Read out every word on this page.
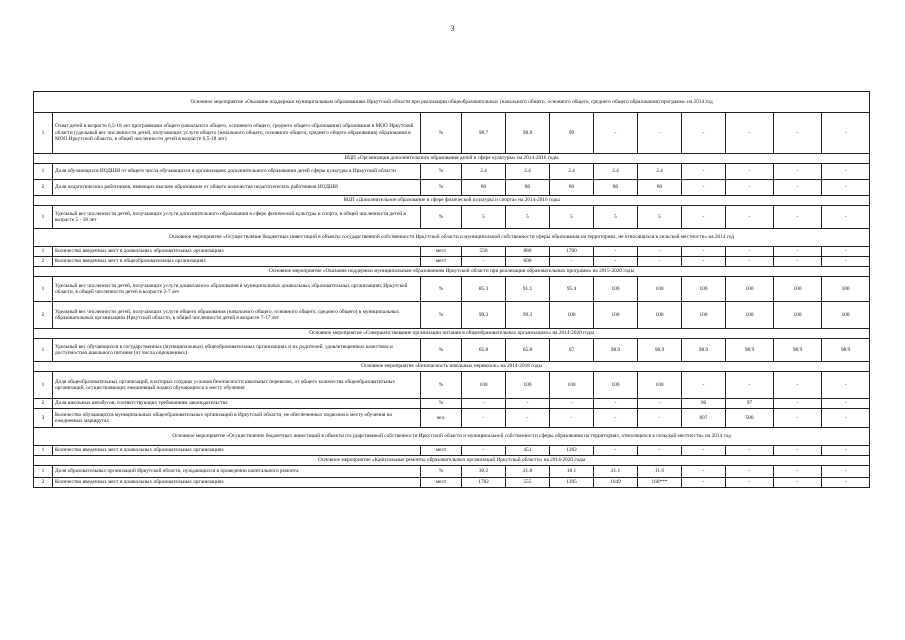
3
Основное мероприятие «Оказание поддержки муниципальным образованиям Иркутской области при реализации общеобразовательных (начального общего, основного общего, среднего общего образования) программ» на 2014 год											
1	Охват детей в возрасте 6,5-18 лет программами общего (начального общего, основного общего, среднего общего образования) образования в МОО Иркутской области (удельный вес численности детей, получающих услуги общего (начального общего, основного общего, среднего общего образования) образования в МОО Иркутской области, в общей численности детей в возрасте 6,5-18 лет)	%	98.7	98.8	99	-	-	-	-	-	-
ВЦП «Организация дополнительного образования детей в сфере культуры» на 2014-2016 годы											
1	Доля обучающихся ИОДШИ от общего числа обучающихся в организациях дополнительного образования детей сферы культуры в Иркутской области	%	2.4	2.4	2.4	2.4	2.4	-	-	-	-
2	Доля педагогических работников, имеющих высшее образование от общего количества педагогических работников ИОДШИ	%	80	80	80	80	80	-	-	-	-
ВЦП «Дополнительное образование в сфере физической культуры и спорта» на 2014-2016 годы											
1	Удельный вес численности детей, получающих услуги дополнительного образования в сфере физической культуры и спорта, в общей численности детей в возрасте 5 - 18 лет	%	5	5	5	5	5	-	-	-	-
Основное мероприятие «Осуществление бюджетных инвестиций в объекты государственной собственности Иркутской области и муниципальной собственности сферы образования на территориях, не относящихся к сельской местности» на 2014 год											
1	Количество введенных мест в дошкольных образовательных организациях	мест	550	880	1700	-	-	-	-	-	-
2	Количество введенных мест в общеобразовательных организациях	мест	-	600	-	-	-	-	-	-	-
Основное мероприятие «Оказание поддержки муниципальным образованиям Иркутской области при реализации образовательных программ» на 2015-2020 годы											
1	Удельный вес численности детей, получающих услуги дошкольного образования в муниципальных дошкольных образовательных организациях Иркутской области, в общей численности детей в возрасте 2-7 лет	%	85.3	91.1	95.4	100	100	100	100	100	100
2	Удельный вес численности детей, получающих услуги общего образования (начального общего, основного общего, среднего общего) в муниципальных образовательных организациях Иркутской области, в общей численности детей в возрасте 7-17 лет	%	99.3	99.3	100	100	100	100	100	100	100
Основное мероприятие «Совершенствование организации питания в общеобразовательных организациях» на 2014-2020 годы											
1	Удельный вес обучающихся в государственных (муниципальных) общеобразовательных организациях и их родителей, удовлетворенных качеством и доступностью школьного питания (от числа опрошенных)	%	65.8	65.8	67	98.9	98.9	98.9	98.9	98.9	98.9
Основное мероприятие «Безопасность школьных перевозок» на 2014-2018 годы											
1	Доля общеобразовательных организаций, в которых созданы условия безопасности школьных перевозок, от общего количества общеобразовательных организаций, осуществляющих ежедневный подвоз обучающихся к месту обучения	%	100	100	100	100	100	-	-	-	-
2	Доля школьных автобусов, соответствующих требованиям законодательства	%	-	-	-	-	-	96	97	-	-
3	Количество обучающихся муниципальных общеобразовательных организаций в Иркутской области, не обеспеченных подвозом к месту обучения на ежедневных маршрутах	чел.	-	-	-	-	-	697	500	-	-
Основное мероприятие «Осуществление бюджетных инвестиций в объекты государственной собственности Иркутской области и муниципальной собственности сферы образования на территориях, относящихся к сельской местности» на 2014 год											
1	Количество введенных мест в дошкольных образовательных организациях	мест	-	451	1262	-	-	-	-	-	-
Основное мероприятие «Капитальные ремонты образовательных организаций Иркутской области» на 2014-2020 годы											
1	Доля образовательных организаций Иркутской области, нуждающихся в проведении капитального ремонта	%	30.2	21.8	18.1	21.1	11.6	-	-	-	-
2	Количество введенных мест в дошкольных образовательных организациях	мест	1782	555	1295	1049	160***	-	-	-	-
